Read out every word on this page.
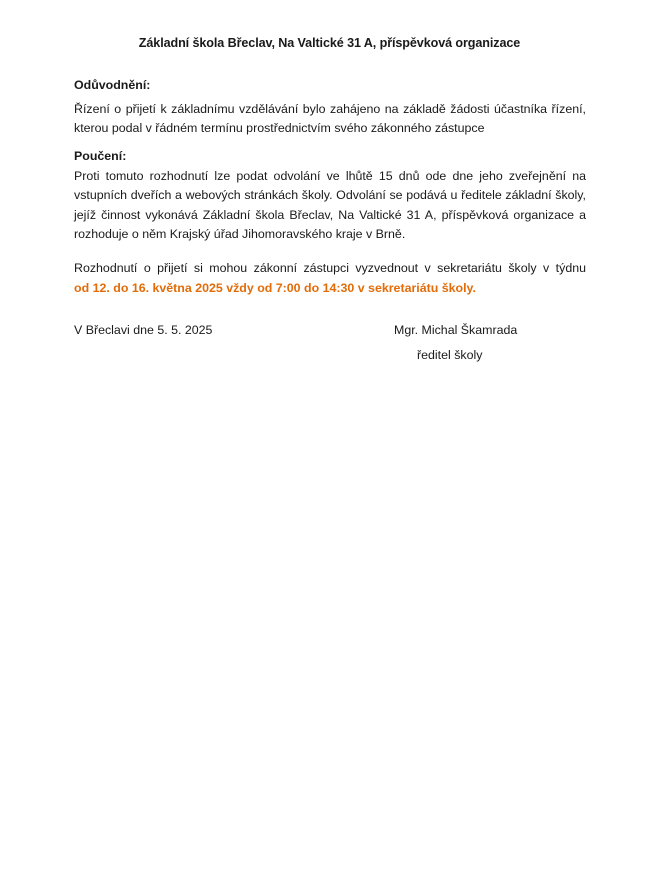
Základní škola Břeclav, Na Valtické 31 A, příspěvková organizace

Odůvodnění:

Řízení o přijetí k základnímu vzdělávání bylo zahájeno na základě žádosti účastníka řízení, kterou podal v řádném termínu prostřednictvím svého zákonného zástupce

Poučení:

Proti tomuto rozhodnutí lze podat odvolání ve lhůtě 15 dnů ode dne jeho zveřejnění na vstupních dveřích a webových stránkách školy. Odvolání se podává u ředitele základní školy, jejíž činnost vykonává Základní škola Břeclav, Na Valtické 31 A, příspěvková organizace a rozhoduje o něm Krajský úřad Jihomoravského kraje v Brně.

Rozhodnutí o přijetí si mohou zákonní zástupci vyzvednout v sekretariátu školy v týdnu

od 12. do 16. května 2025 vždy od 7:00 do 14:30 v sekretariátu školy.

V Břeclavi dne 5. 5. 2025	Mgr. Michal Škamrada
ředitel školy
